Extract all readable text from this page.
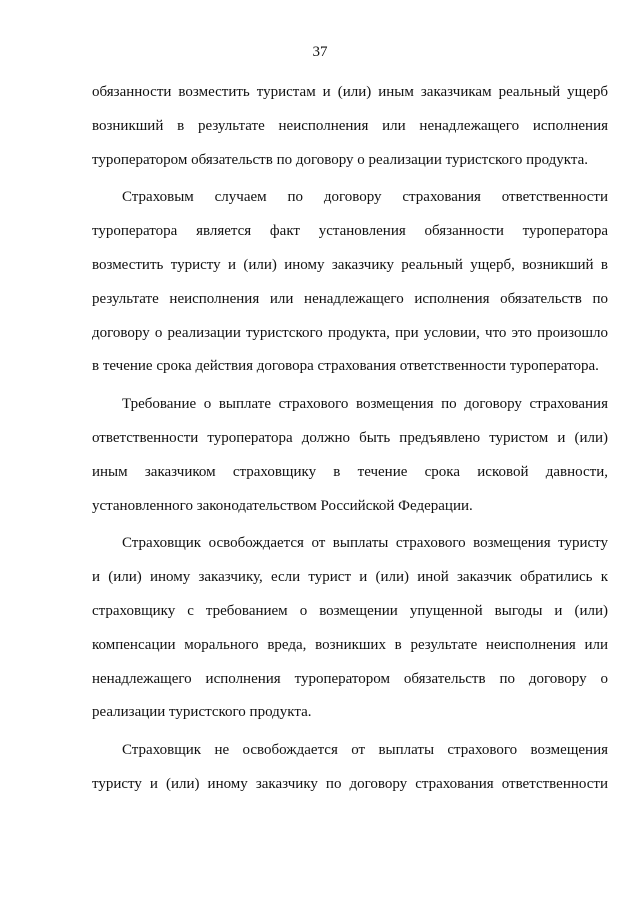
37
обязанности возместить туристам и (или) иным заказчикам реальный ущерб
возникший в результате неисполнения или ненадлежащего исполнения
туроператором обязательств по договору о реализации туристского продукта.
Страховым случаем по договору страхования ответственности
туроператора является факт установления обязанности туроператора
возместить туристу и (или) иному заказчику реальный ущерб, возникший в
результате неисполнения или ненадлежащего исполнения обязательств по
договору о реализации туристского продукта, при условии, что это произошло
в течение срока действия договора страхования ответственности туроператора.
Требование о выплате страхового возмещения по договору страхования
ответственности туроператора должно быть предъявлено туристом и (или)
иным заказчиком страховщику в течение срока исковой давности,
установленного законодательством Российской Федерации.
Страховщик освобождается от выплаты страхового возмещения туристу
и (или) иному заказчику, если турист и (или) иной заказчик обратились к
страховщику с требованием о возмещении упущенной выгоды и (или)
компенсации морального вреда, возникших в результате неисполнения или
ненадлежащего исполнения туроператором обязательств по договору о
реализации туристского продукта.
Страховщик не освобождается от выплаты страхового возмещения
туристу и (или) иному заказчику по договору страхования ответственности
